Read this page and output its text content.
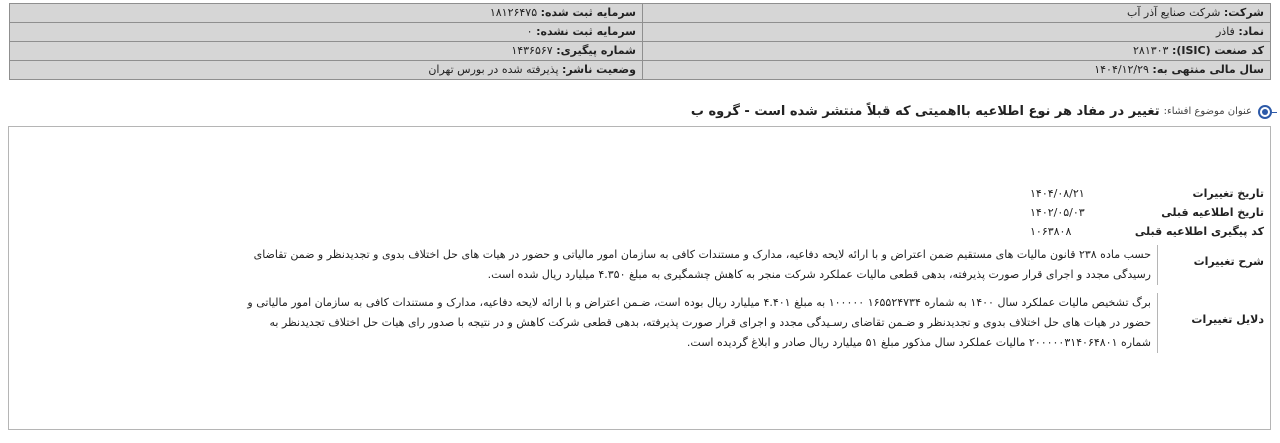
شرکت: شرکت صنایع آذر آب
سرمایه ثبت شده: ۱۸۱۲۶۴۷۵
نماد: فاذر
سرمایه ثبت نشده: ۰
کد صنعت (ISIC): ۲۸۱۳۰۳
شماره پیگیری: ۱۴۳۶۵۶۷
سال مالی منتهی به: ۱۴۰۴/۱۲/۲۹
وضعیت ناشر: پذیرفته شده در بورس تهران
عنوان موضوع افشاء:
تغییر در مفاد هر نوع اطلاعیه بااهمیتی که قبلاً منتشر شده است - گروه ب
تاریخ تغییرات
۱۴۰۴/۰۸/۲۱
تاریخ اطلاعیه قبلی
۱۴۰۲/۰۵/۰۳
کد پیگیری اطلاعیه قبلی
۱۰۶۳۸۰۸
شرح تغییرات
حسب ماده ۲۳۸ قانون مالیات های مستقیم ضمن اعتراض و با ارائه لایحه دفاعیه، مدارک و مستندات کافی به سازمان امور مالیاتی و حضور در هیات های حل اختلاف بدوی و تجدیدنظر و ضمن تقاضای
رسیدگی مجدد و اجرای قرار صورت پذیرفته، بدهی قطعی مالیات عملکرد شرکت منجر به کاهش چشمگیری به مبلغ ۴.۳۵۰ میلیارد ریال شده است.
دلایل تغییرات
برگ تشخیص مالیات عملکرد سال ۱۴۰۰ به شماره ۱۶۵۵۲۴۷۳۴ ۱۰۰۰۰۰ به مبلغ ۴.۴۰۱ میلیارد ریال بوده است، ضـمن اعتراض و با ارائه لایحه دفاعیه، مدارک و مستندات کافی به سازمان امور مالیاتی و
حضور در هیات های حل اختلاف بدوی و تجدیدنظر و ضـمن تقاضای رسـیدگی مجدد و اجرای قرار صورت پذیرفته، بدهی قطعی شرکت کاهش و در نتیجه با صدور رای هیات حل اختلاف تجدیدنظر به
شماره ۲۰۰۰۰۰۳۱۴۰۶۴۸۰۱ مالیات عملکرد سال مذکور مبلغ ۵۱ میلیارد ریال صادر و ابلاغ گردیده است.
